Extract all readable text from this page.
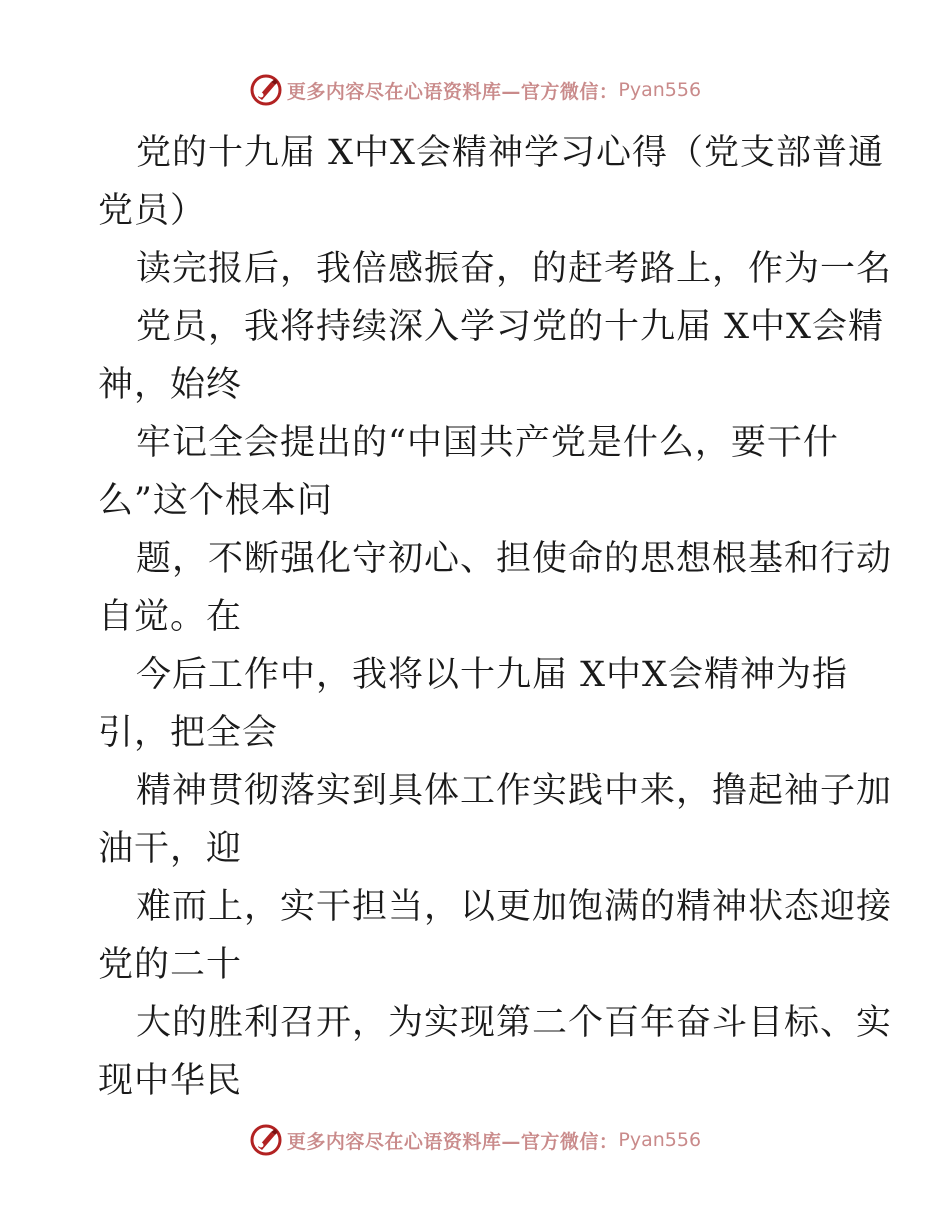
更多内容尽在心语资料库—官方微信： Pyan556
党的十九届 X中X会精神学习心得（党支部普通
党员）
读完报后，我倍感振奋，的赶考路上，作为一名
党员，我将持续深入学习党的十九届 X中X会精
神，始终
牢记全会提出的“中国共产党是什么，要干什
么”这个根本问
题，不断强化守初心、担使命的思想根基和行动
自觉。在
今后工作中，我将以十九届 X中X会精神为指
引，把全会
精神贯彻落实到具体工作实践中来，撸起袖子加
油干，迎
难而上，实干担当，以更加饱满的精神状态迎接
党的二十
大的胜利召开，为实现第二个百年奋斗目标、实
现中华民
更多内容尽在心语资料库—官方微信： Pyan556
